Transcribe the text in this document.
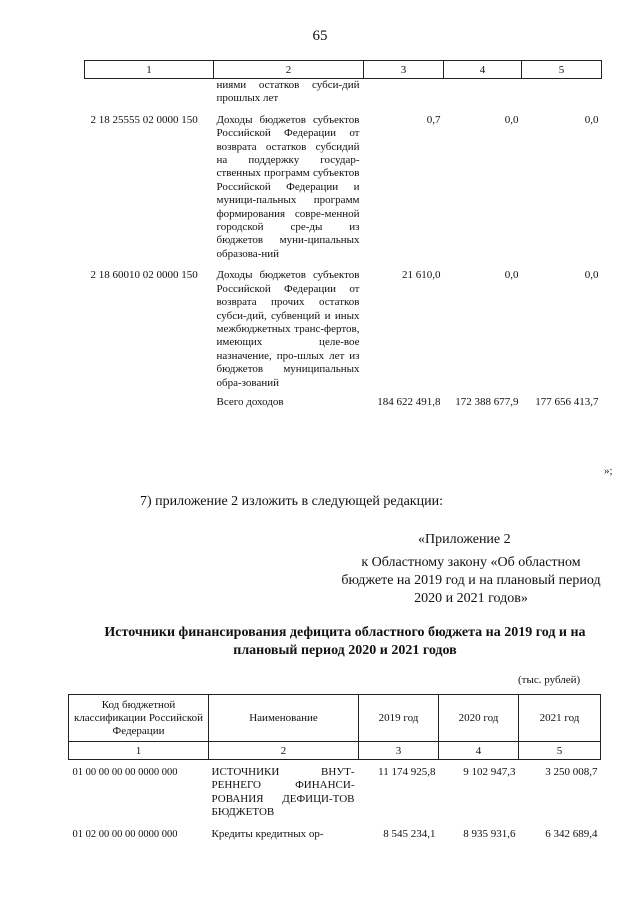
65
1	2	3	4	5
	ниями остатков субси-дий прошлых лет			
2 18 25555 02 0000 150	Доходы бюджетов субъектов Российской Федерации от возврата остатков субсидий на поддержку государ-ственных программ субъектов Российской Федерации и муници-пальных программ формирования совре-менной городской сре-ды из бюджетов муни-ципальных образова-ний	0,7	0,0	0,0
2 18 60010 02 0000 150	Доходы бюджетов субъектов Российской Федерации от возврата прочих остатков субси-дий, субвенций и иных межбюджетных транс-фертов, имеющих целе-вое назначение, про-шлых лет из бюджетов муниципальных обра-зований	21 610,0	0,0	0,0
	Всего доходов	184 622 491,8	172 388 677,9	177 656 413,7
»;
7) приложение 2 изложить в следующей редакции:
«Приложение 2
к Областному закону «Об областном бюджете на 2019 год и на плановый период 2020 и 2021 годов»
Источники финансирования дефицита областного бюджета на 2019 год и на плановый период 2020 и 2021 годов
(тыс. рублей)
Код бюджетной классификации Российской Федерации	Наименование	2019 год	2020 год	2021 год
1	2	3	4	5
01 00 00 00 00 0000 000	ИСТОЧНИКИ ВНУТ-РЕННЕГО ФИНАНСИ-РОВАНИЯ ДЕФИЦИ-ТОВ БЮДЖЕТОВ	11 174 925,8	9 102 947,3	3 250 008,7
01 02 00 00 00 0000 000	Кредиты кредитных ор-	8 545 234,1	8 935 931,6	6 342 689,4
